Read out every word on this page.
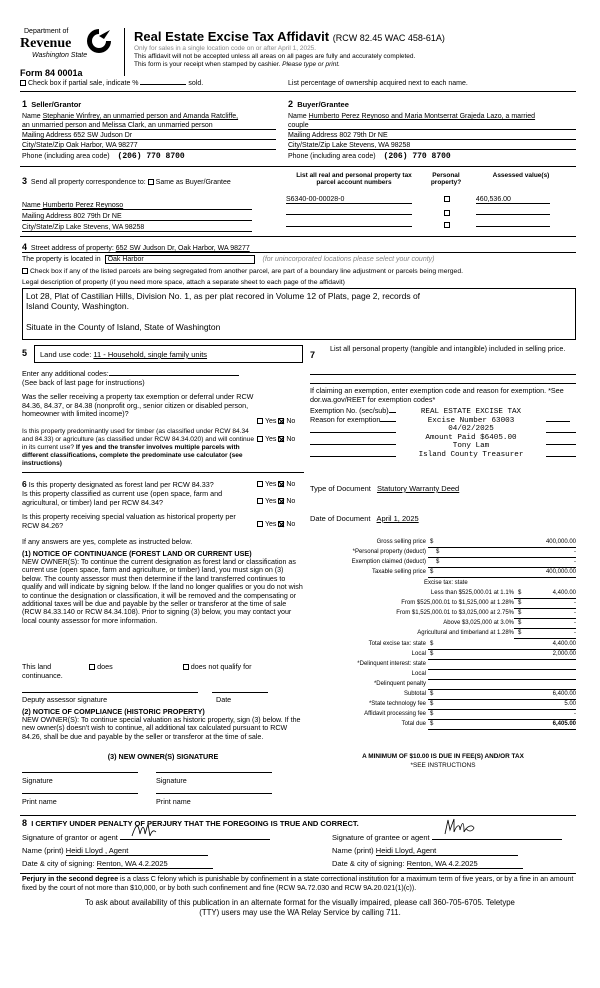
Department of
Revenue
Washington State
Form 84 0001a
Real Estate Excise Tax Affidavit (RCW 82.45 WAC 458-61A)
Only for sales in a single location code on or after April 1, 2025.
This affidavit will not be accepted unless all areas on all pages are fully and accurately completed.
This form is your receipt when stamped by cashier. Please type or print.
Check box if partial sale, indicate %	sold.	List percentage of ownership acquired next to each name.
1 Seller/Grantor
Name Stephanie Winfrey, an unmarried person and Amanda Ratcliffe,
an unmarried person and Melissa Clark, an unmarried person
Mailing Address 652 SW Judson Dr
City/State/Zip Oak Harbor, WA 98277
Phone (including area code) (206) 770 8700
2 Buyer/Grantee
Name Humberto Perez Reynoso and Maria Montserrat Grajeda Lazo, a married
couple
Mailing Address 802 79th Dr NE
City/State/Zip Lake Stevens, WA 98258
Phone (including area code) (206) 770 8700
3 Send all property correspondence to: Same as Buyer/Grantee
Name Humberto Perez Reynoso
Mailing Address 802 79th Dr NE
City/State/Zip Lake Stevens, WA 98258
List all real and personal property tax parcel account numbers
Personal property?
Assessed value(s)
S6340-00-00028-0	460,536.00

4 Street address of property: 652 SW Judson Dr, Oak Harbor, WA 98277
The property is located in Oak Harbor	(for unincorporated locations please select your county)
Check box if any of the listed parcels are being segregated from another parcel, are part of a boundary line adjustment or parcels being merged.
Legal description of property (if you need more space, attach a separate sheet to each page of the affidavit)
Lot 28, Plat of Castilian Hills, Division No. 1, as per plat recored in Volume 12 of Plats, page 2, records of
Island County, Washington.
Situate in the County of Island, State of Washington
5	Land use code: 11 - Household, single family units
Enter any additional codes:
(See back of last page for instructions)
Was the seller receiving a property tax exemption or deferral under RCW 84.36, 84.37, or 84.38 (nonprofit org., senior citizen or disabled person, homeowner with limited income)?
Yes No
Is this property predominantly used for timber (as classified under RCW 84.34 and 84.33) or agriculture (as classified under RCW 84.34.020) and will continue in its current use? If yes and the transfer involves multiple parcels with different classifications, complete the predominate use calculator (see instructions)
Yes No
6 Is this property designated as forest land per RCW 84.33?	Yes No
Is this property classified as current use (open space, farm and agricultural, or timber) land per RCW 84.34?	Yes No
Is this property receiving special valuation as historical property per RCW 84.26?	Yes No
If any answers are yes, complete as instructed below.
(1) NOTICE OF CONTINUANCE (FOREST LAND OR CURRENT USE)
NEW OWNER(S): To continue the current designation as forest land or classification as current use (open space, farm and agriculture, or timber) land, you must sign on (3) below. The county assessor must then determine if the land transferred continues to qualify and will indicate by signing below. If the land no longer qualifies or you do not wish to continue the designation or classification, it will be removed and the compensating or additional taxes will be due and payable by the seller or transferor at the time of sale (RCW 84.33.140 or RCW 84.34.108). Prior to signing (3) below, you may contact your local county assessor for more information.
This land	does	does not qualify for
continuance.
Deputy assessor signature	Date
(2) NOTICE OF COMPLIANCE (HISTORIC PROPERTY)
NEW OWNER(S): To continue special valuation as historic property, sign (3) below. If the new owner(s) doesn't wish to continue, all additional tax calculated pursuant to RCW 84.26, shall be due and payable by the seller or transferor at the time of sale.
(3) NEW OWNER(S) SIGNATURE
Signature	Signature
Print name	Print name
7
List all personal property (tangible and intangible) included in selling price.
If claiming an exemption, enter exemption code and reason for exemption. *See dor.wa.gov/REET for exemption codes*
Exemption No. (sec/sub)
Reason for exemption
REAL ESTATE EXCISE TAX
Excise Number 63003
04/02/2025
Amount Paid $6405.00
Tony Lam
Island County Treasurer
Type of Document Statutory Warranty Deed
Date of Document April 1, 2025
Gross selling price $	400,000.00
*Personal property (deduct) $	-
Exemption claimed (deduct) $	-
Taxable selling price $	400,000.00
Excise tax: state
Less than $525,000.01 at 1.1% $	4,400.00
From $525,000.01 to $1,525,000 at 1.28% $	-
From $1,525,000.01 to $3,025,000 at 2.75% $	-
Above $3,025,000 at 3.0% $	-
Agricultural and timberland at 1.28% $	-
Total excise tax: state $	4,400.00
Local $	2,000.00
*Delinquent interest: state
Local
*Delinquent penalty
Subtotal $	6,400.00
*State technology fee $	5.00
Affidavit processing fee $	-
Total due $	6,405.00
A MINIMUM OF $10.00 IS DUE IN FEE(S) AND/OR TAX
*SEE INSTRUCTIONS
8 I CERTIFY UNDER PENALTY OF PERJURY THAT THE FOREGOING IS TRUE AND CORRECT.
Signature of grantor or agent	Signature of grantee or agent
Name (print) Heidi Lloyd , Agent	Name (print) Heidi Lloyd, Agent
Date & city of signing: Renton, WA 4.2.2025	Date & city of signing: Renton, WA 4.2.2025
Perjury in the second degree is a class C felony which is punishable by confinement in a state correctional institution for a maximum term of five years, or by a fine in an amount fixed by the court of not more than $10,000, or by both such confinement and fine (RCW 9A.72.030 and RCW 9A.20.021(1)(c)).
To ask about availability of this publication in an alternate format for the visually impaired, please call 360-705-6705. Teletype
(TTY) users may use the WA Relay Service by calling 711.
